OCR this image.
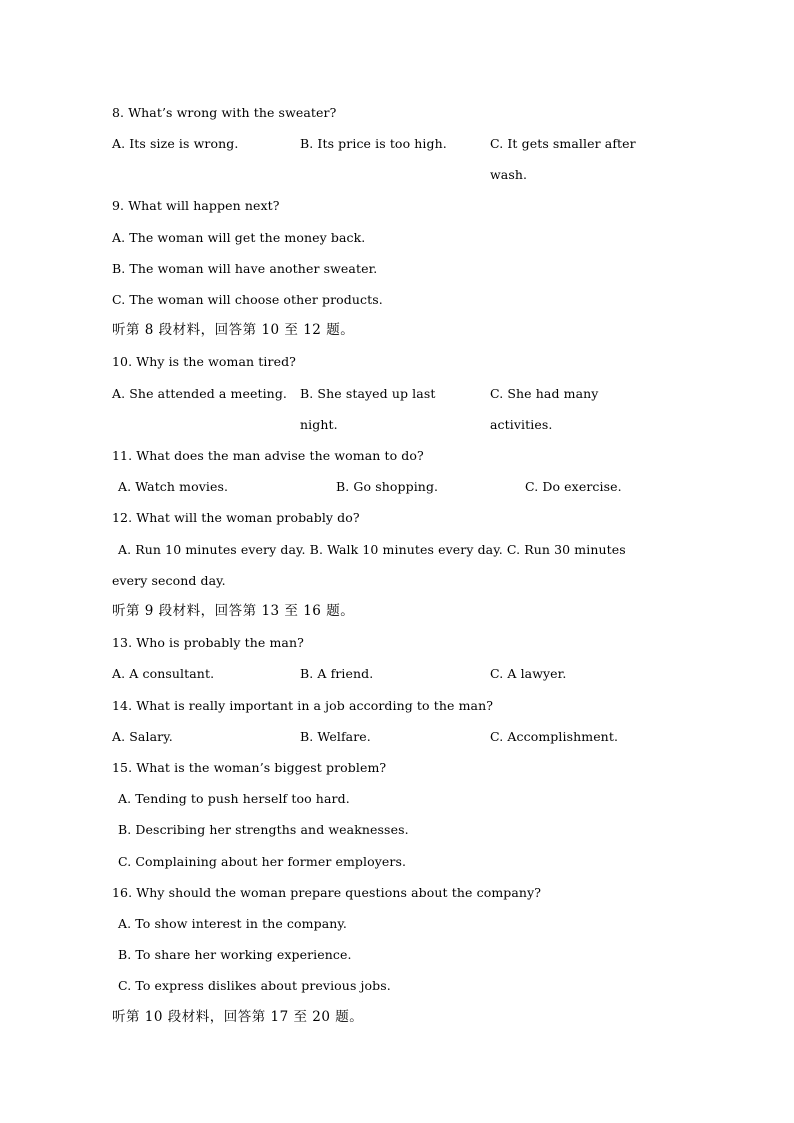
8. What’s wrong with the sweater?
A. Its size is wrong.	B. Its price is too high.	C. It gets smaller after
wash.
9. What will happen next?
A. The woman will get the money back.
B. The woman will have another sweater.
C. The woman will choose other products.
听第 8 段材料，回答第 10 至 12 题。
10. Why is the woman tired?
A. She attended a meeting. B. She stayed up last	C. She had many
night.	activities.
11. What does the man advise the woman to do?
A. Watch movies.	B. Go shopping.	C. Do exercise.
12. What will the woman probably do?
A. Run 10 minutes every day. B. Walk 10 minutes every day. C. Run 30 minutes
every second day.
听第 9 段材料，回答第 13 至 16 题。
13. Who is probably the man?
A. A consultant.	B. A friend.	C. A lawyer.
14. What is really important in a job according to the man?
A. Salary.	B. Welfare.	C. Accomplishment.
15. What is the woman’s biggest problem?
A. Tending to push herself too hard.
B. Describing her strengths and weaknesses.
C. Complaining about her former employers.
16. Why should the woman prepare questions about the company?
A. To show interest in the company.
B. To share her working experience.
C. To express dislikes about previous jobs.
听第 10 段材料，回答第 17 至 20 题。
